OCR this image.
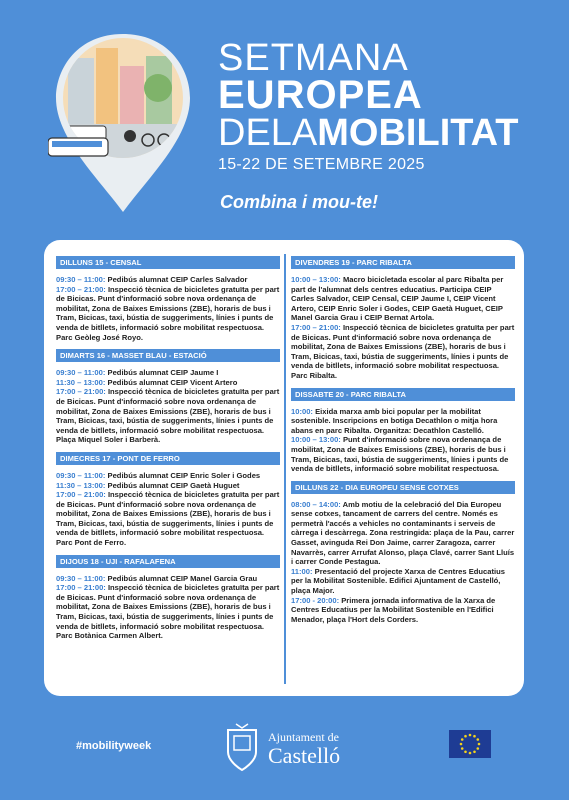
SETMANA
EUROPEA
DELAMOBILITAT
15-22 DE SETEMBRE 2025
Combina i mou-te!
DILLUNS 15 - CENSAL
09:30 – 11:00: Pedibús alumnat CEIP Carles Salvador
17:00 – 21:00: Inspecció tècnica de bicicletes gratuïta per part de Bicicas. Punt d'informació sobre nova ordenança de mobilitat, Zona de Baixes Emissions (ZBE), horaris de bus i Tram, Bicicas, taxi, bústia de suggeriments, línies i punts de venda de bitllets, informació sobre mobilitat respectuosa. Parc Geòleg José Royo.
DIMARTS 16 - MASSET BLAU - ESTACIÓ
09:30 – 11:00: Pedibús alumnat CEIP Jaume I
11:30 – 13:00: Pedibús alumnat CEIP Vicent Artero
17:00 – 21:00: Inspecció tècnica de bicicletes gratuïta per part de Bicicas. Punt d'informació sobre nova ordenança de mobilitat, Zona de Baixes Emissions (ZBE), horaris de bus i Tram, Bicicas, taxi, bústia de suggeriments, línies i punts de venda de bitllets, informació sobre mobilitat respectuosa. Plaça Miquel Soler i Barberà.
DIMECRES 17 - PONT DE FERRO
09:30 – 11:00: Pedibús alumnat CEIP Enric Soler i Godes
11:30 – 13:00: Pedibús alumnat CEIP Gaetà Huguet
17:00 – 21:00: Inspecció tècnica de bicicletes gratuïta per part de Bicicas. Punt d'informació sobre nova ordenança de mobilitat, Zona de Baixes Emissions (ZBE), horaris de bus i Tram, Bicicas, taxi, bústia de suggeriments, línies i punts de venda de bitllets, informació sobre mobilitat respectuosa. Parc Pont de Ferro.
DIJOUS 18 - UJI - RAFALAFENA
09:30 – 11:00: Pedibús alumnat CEIP Manel Garcia Grau
17:00 – 21:00: Inspecció tècnica de bicicletes gratuïta per part de Bicicas. Punt d'informació sobre nova ordenança de mobilitat, Zona de Baixes Emissions (ZBE), horaris de bus i Tram, Bicicas, taxi, bústia de suggeriments, línies i punts de venda de bitllets, informació sobre mobilitat respectuosa. Parc Botànica Carmen Albert.
DIVENDRES 19 - PARC RIBALTA
10:00 – 13:00: Macro bicicletada escolar al parc Ribalta per part de l'alumnat dels centres educatius. Participa CEIP Carles Salvador, CEIP Censal, CEIP Jaume I, CEIP Vicent Artero, CEIP Enric Soler i Godes, CEIP Gaetà Huguet, CEIP Manel Garcia Grau i CEIP Bernat Artola.
17:00 – 21:00: Inspecció tècnica de bicicletes gratuïta per part de Bicicas. Punt d'informació sobre nova ordenança de mobilitat, Zona de Baixes Emissions (ZBE), horaris de bus i Tram, Bicicas, taxi, bústia de suggeriments, línies i punts de venda de bitllets, informació sobre mobilitat respectuosa. Parc Ribalta.
DISSABTE 20 - PARC RIBALTA
10:00: Eixida marxa amb bici popular per la mobilitat sostenible. Inscripcions en botiga Decathlon o mitja hora abans en parc Ribalta. Organitza: Decathlon Castelló.
10:00 – 13:00: Punt d'informació sobre nova ordenança de mobilitat, Zona de Baixes Emissions (ZBE), horaris de bus i Tram, Bicicas, taxi, bústia de suggeriments, línies i punts de venda de bitllets, informació sobre mobilitat respectuosa.
DILLUNS 22 - DIA EUROPEU SENSE COTXES
08:00 – 14:00: Amb motiu de la celebració del Dia Europeu sense cotxes, tancament de carrers del centre. Només es permetrà l'accés a vehicles no contaminants i serveis de càrrega i descàrrega. Zona restringida: plaça de la Pau, carrer Gasset, avinguda Rei Don Jaime, carrer Zaragoza, carrer Navarrès, carrer Arrufat Alonso, plaça Clavé, carrer Sant Lluís i carrer Conde Pestagua.
11:00: Presentació del projecte Xarxa de Centres Educatius per la Mobilitat Sostenible. Edifici Ajuntament de Castelló, plaça Major.
17:00 - 20:00: Primera jornada informativa de la Xarxa de Centres Educatius per la Mobilitat Sostenible en l'Edifici Menador, plaça l'Hort dels Corders.
#mobilityweek
Ajuntament de
Castelló
